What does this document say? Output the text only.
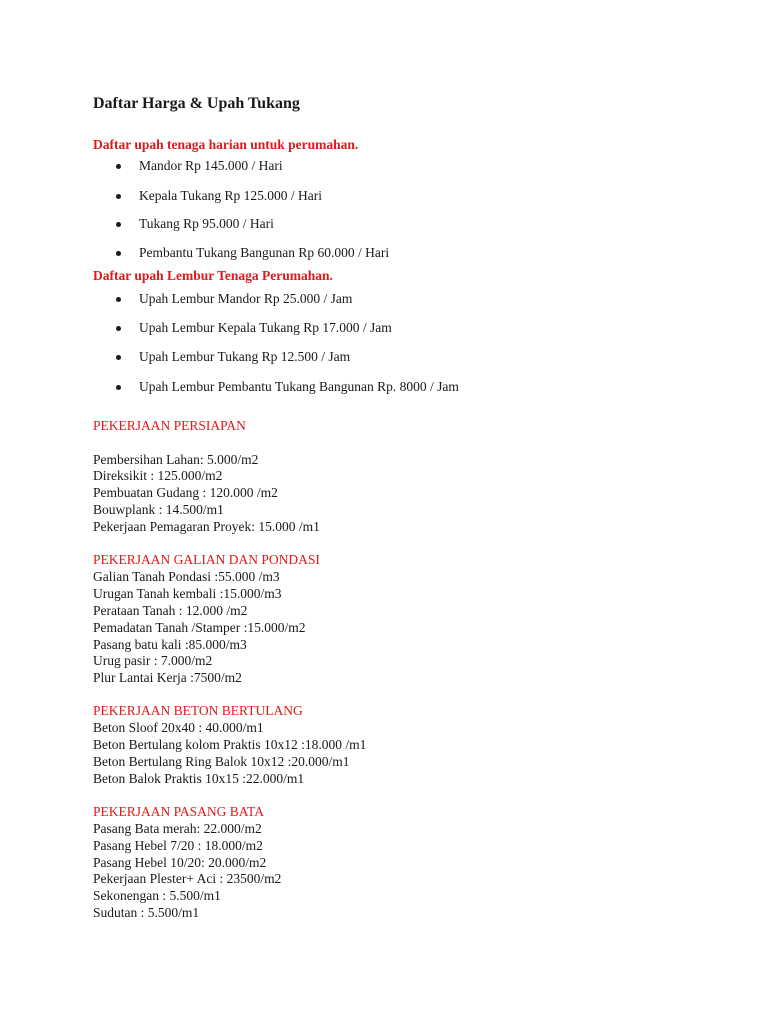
Daftar Harga & Upah Tukang

Daftar upah tenaga harian untuk perumahan.

Mandor Rp 145.000 / Hari
Kepala Tukang Rp 125.000 / Hari
Tukang Rp 95.000 / Hari
Pembantu Tukang Bangunan Rp 60.000 / Hari

Daftar upah Lembur Tenaga Perumahan.

Upah Lembur Mandor Rp 25.000 / Jam
Upah Lembur Kepala Tukang Rp 17.000 / Jam
Upah Lembur Tukang Rp 12.500 / Jam
Upah Lembur Pembantu Tukang Bangunan Rp. 8000 / Jam

PEKERJAAN PERSIAPAN

Pembersihan Lahan: 5.000/m2
Direksikit : 125.000/m2
Pembuatan Gudang : 120.000 /m2
Bouwplank : 14.500/m1
Pekerjaan Pemagaran Proyek: 15.000 /m1

PEKERJAAN GALIAN DAN PONDASI

Galian Tanah Pondasi :55.000 /m3
Urugan Tanah kembali :15.000/m3
Perataan Tanah : 12.000 /m2
Pemadatan Tanah /Stamper :15.000/m2
Pasang batu kali :85.000/m3
Urug pasir : 7.000/m2
Plur Lantai Kerja :7500/m2

PEKERJAAN BETON BERTULANG

Beton Sloof 20x40 : 40.000/m1
Beton Bertulang kolom Praktis 10x12 :18.000 /m1
Beton Bertulang Ring Balok 10x12 :20.000/m1
Beton Balok Praktis 10x15 :22.000/m1

PEKERJAAN PASANG BATA

Pasang Bata merah: 22.000/m2
Pasang Hebel 7/20 : 18.000/m2
Pasang Hebel 10/20: 20.000/m2
Pekerjaan Plester+ Aci : 23500/m2
Sekonengan : 5.500/m1
Sudutan : 5.500/m1
